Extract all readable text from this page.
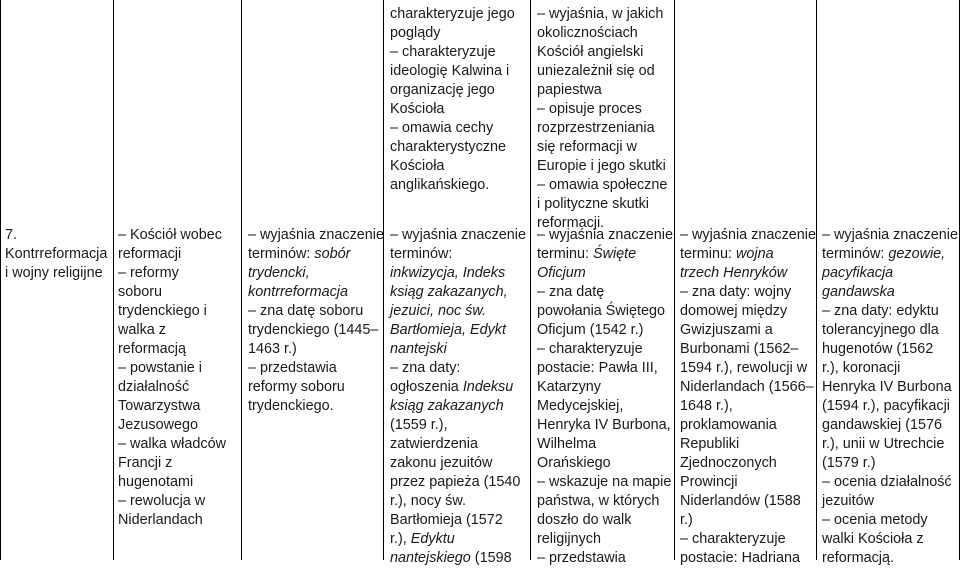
7.
Kontrreformacja
i wojny religijne
– Kościół wobec
reformacji
– reformy
soboru
trydenckiego i
walka z
reformacją
– powstanie i
działalność
Towarzystwa
Jezusowego
– walka władców
Francji z
hugenotami
– rewolucja w
Niderlandach
– wyjaśnia znaczenie
terminów: sobór
trydencki,
kontrreformacja
– zna datę soboru
trydenckiego (1445–
1463 r.)
– przedstawia
reformy soboru
trydenckiego.
charakteryzuje jego
poglądy
– charakteryzuje
ideologię Kalwina i
organizację jego
Kościoła
– omawia cechy
charakterystyczne
Kościoła
anglikańskiego.
– wyjaśnia znaczenie
terminów:
inkwizycja, Indeks
ksiąg zakazanych,
jezuici, noc św.
Bartłomieja, Edykt
nantejski
– zna daty:
ogłoszenia Indeksu
ksiąg zakazanych
(1559 r.),
zatwierdzenia
zakonu jezuitów
przez papieża (1540
r.), nocy św.
Bartłomieja (1572
r.), Edyktu
nantejskiego (1598
– wyjaśnia, w jakich
okolicznościach
Kościół angielski
uniezależnił się od
papiestwa
– opisuje proces
rozprzestrzeniania
się reformacji w
Europie i jego skutki
– omawia społeczne
i polityczne skutki
reformacji.
– wyjaśnia znaczenie
terminu: Święte
Oficjum
– zna datę
powołania Świętego
Oficjum (1542 r.)
– charakteryzuje
postacie: Pawła III,
Katarzyny
Medycejskiej,
Henryka IV Burbona,
Wilhelma
Orańskiego
– wskazuje na mapie
państwa, w których
doszło do walk
religijnych
– przedstawia
– wyjaśnia znaczenie
terminu: wojna
trzech Henryków
– zna daty: wojny
domowej między
Gwizjuszami a
Burbonami (1562–
1594 r.), rewolucji w
Niderlandach (1566–
1648 r.),
proklamowania
Republiki
Zjednoczonych
Prowincji
Niderlandów (1588
r.)
– charakteryzuje
postacie: Hadriana
– wyjaśnia znaczenie
terminów: gezowie,
pacyfikacja
gandawska
– zna daty: edyktu
tolerancyjnego dla
hugenotów (1562
r.), koronacji
Henryka IV Burbona
(1594 r.), pacyfikacji
gandawskiej (1576
r.), unii w Utrechcie
(1579 r.)
– ocenia działalność
jezuitów
– ocenia metody
walki Kościoła z
reformacją.
